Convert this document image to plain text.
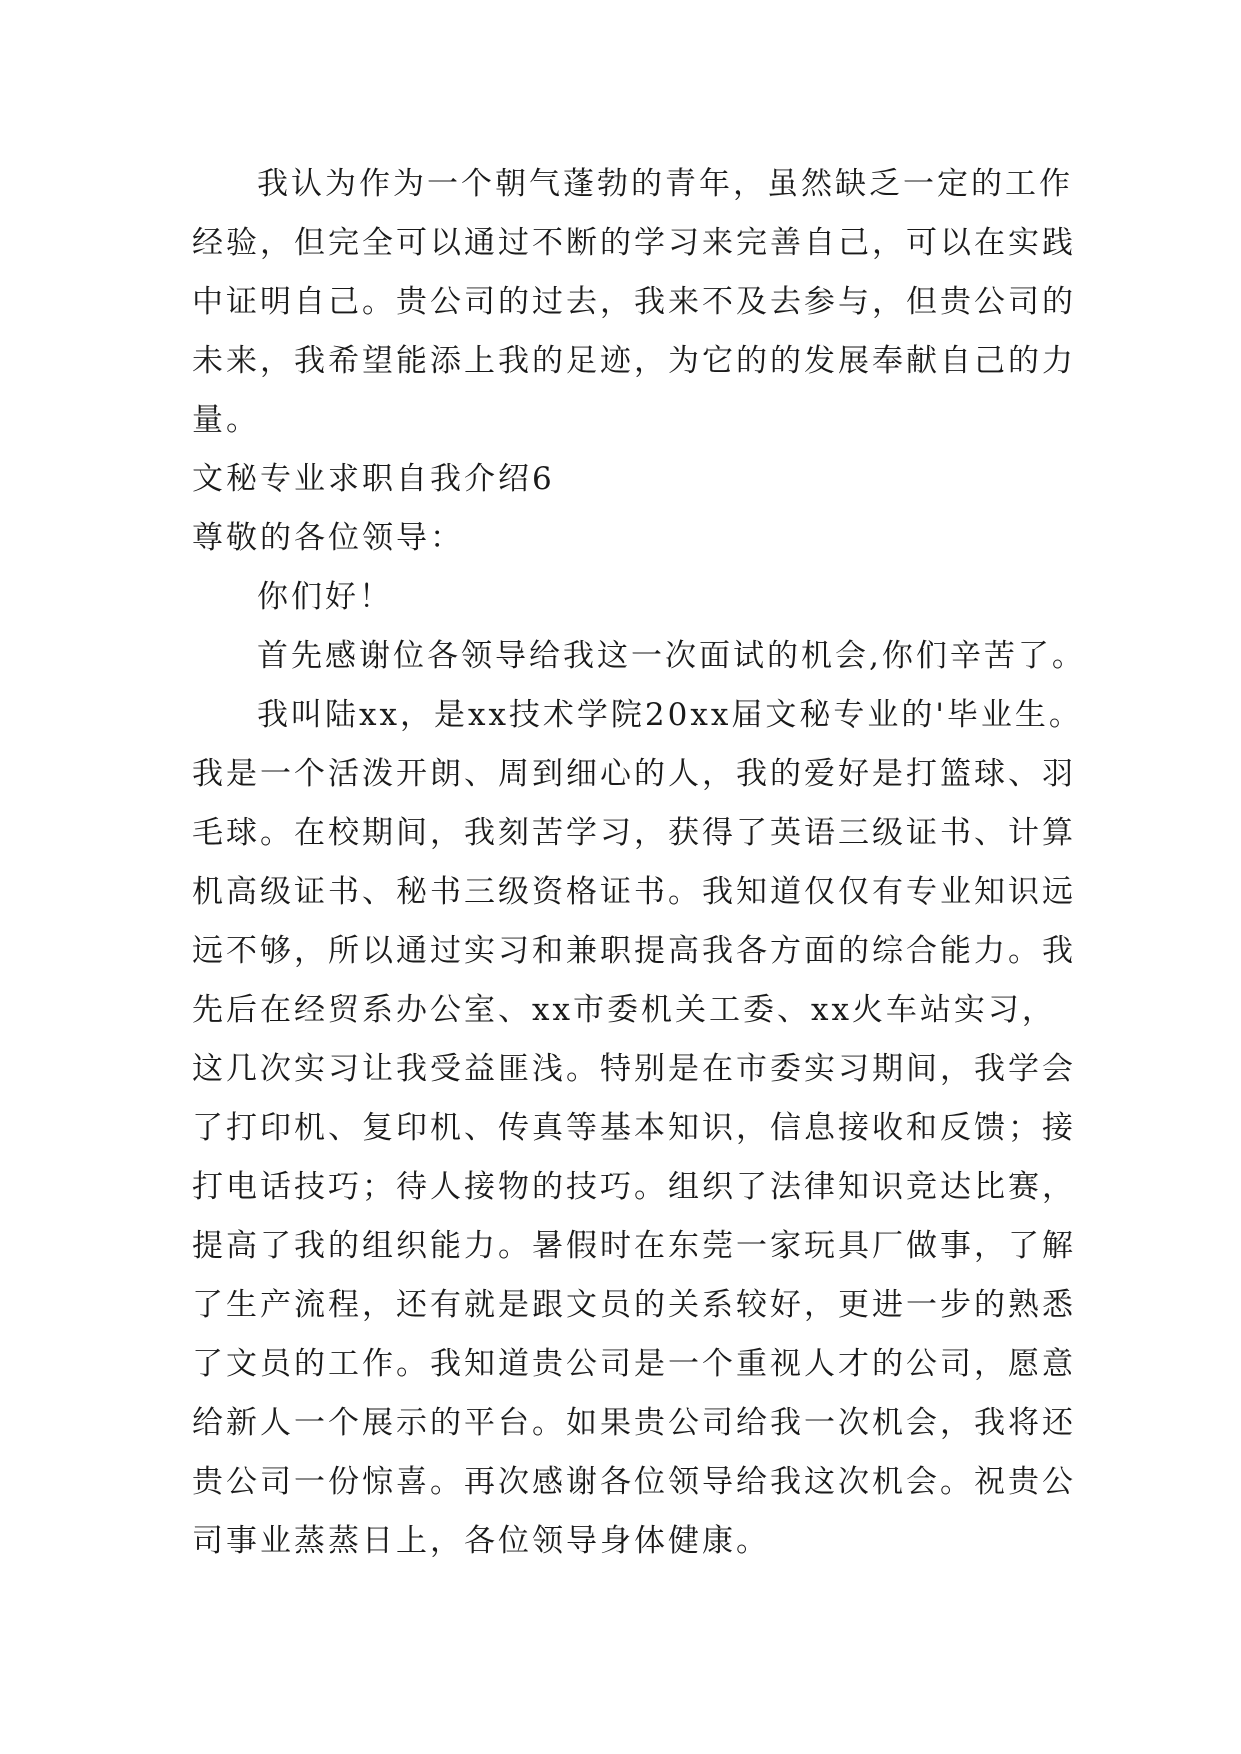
我认为作为一个朝气蓬勃的青年，虽然缺乏一定的工作
经验，但完全可以通过不断的学习来完善自己，可以在实践
中证明自己。贵公司的过去，我来不及去参与，但贵公司的
未来，我希望能添上我的足迹，为它的的发展奉献自己的力
量。
文秘专业求职自我介绍6
尊敬的各位领导：
你们好！
首先感谢位各领导给我这一次面试的机会,你们辛苦了。
我叫陆xx，是xx技术学院20xx届文秘专业的'毕业生。
我是一个活泼开朗、周到细心的人，我的爱好是打篮球、羽
毛球。在校期间，我刻苦学习，获得了英语三级证书、计算
机高级证书、秘书三级资格证书。我知道仅仅有专业知识远
远不够，所以通过实习和兼职提高我各方面的综合能力。我
先后在经贸系办公室、xx市委机关工委、xx火车站实习，
这几次实习让我受益匪浅。特别是在市委实习期间，我学会
了打印机、复印机、传真等基本知识，信息接收和反馈；接
打电话技巧；待人接物的技巧。组织了法律知识竞达比赛，
提高了我的组织能力。暑假时在东莞一家玩具厂做事，了解
了生产流程，还有就是跟文员的关系较好，更进一步的熟悉
了文员的工作。我知道贵公司是一个重视人才的公司，愿意
给新人一个展示的平台。如果贵公司给我一次机会，我将还
贵公司一份惊喜。再次感谢各位领导给我这次机会。祝贵公
司事业蒸蒸日上，各位领导身体健康。
